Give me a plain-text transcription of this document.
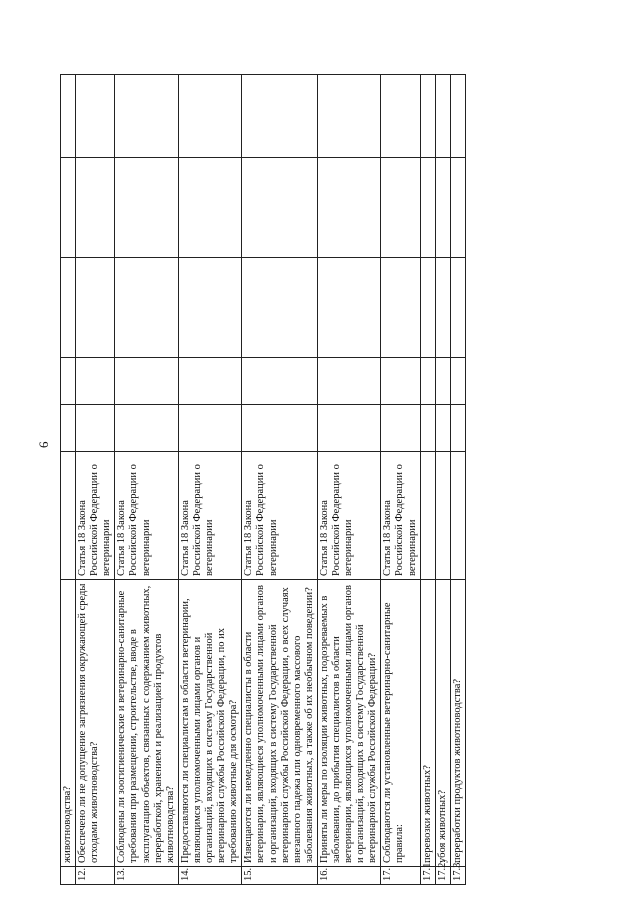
6
	животноводства?						
12.	Обеспечено ли не допущение загрязнения окружающей среды отходами животноводства?	Статья 18 Закона Российской Федерации о ветеринарии					
13.	Соблюдены ли зоогигиенические и ветеринарно-санитарные требования при размещении, строительстве, вводе в эксплуатацию объектов, связанных с содержанием животных, переработкой, хранением и реализацией продуктов животноводства?	Статья 18 Закона Российской Федерации о ветеринарии					
14.	Предоставляются ли специалистам в области ветеринарии, являющимся уполномоченными лицами органов и организаций, входящих в систему Государственной ветеринарной службы Российской Федерации, по их требованию животные для осмотра?	Статья 18 Закона Российской Федерации о ветеринарии					
15.	Извещаются ли немедленно специалисты в области ветеринарии, являющиеся уполномоченными лицами органов и организаций, входящих в систему Государственной ветеринарной службы Российской Федерации, о всех случаях внезапного падежа или одновременного массового заболевания животных, а также об их необычном поведении?	Статья 18 Закона Российской Федерации о ветеринарии					
16.	Приняты ли меры по изоляции животных, подозреваемых в заболевании, до прибытия специалистов в области ветеринарии, являющихся уполномоченными лицами органов и организаций, входящих в систему Государственной ветеринарной службы Российской Федерации?	Статья 18 Закона Российской Федерации о ветеринарии					
17.	Соблюдаются ли установленные ветеринарно-санитарные правила:	Статья 18 Закона Российской Федерации о ветеринарии					
17.1.	перевозки животных?						
17.2.	убоя животных?						
17.3.	переработки продуктов животноводства?						
